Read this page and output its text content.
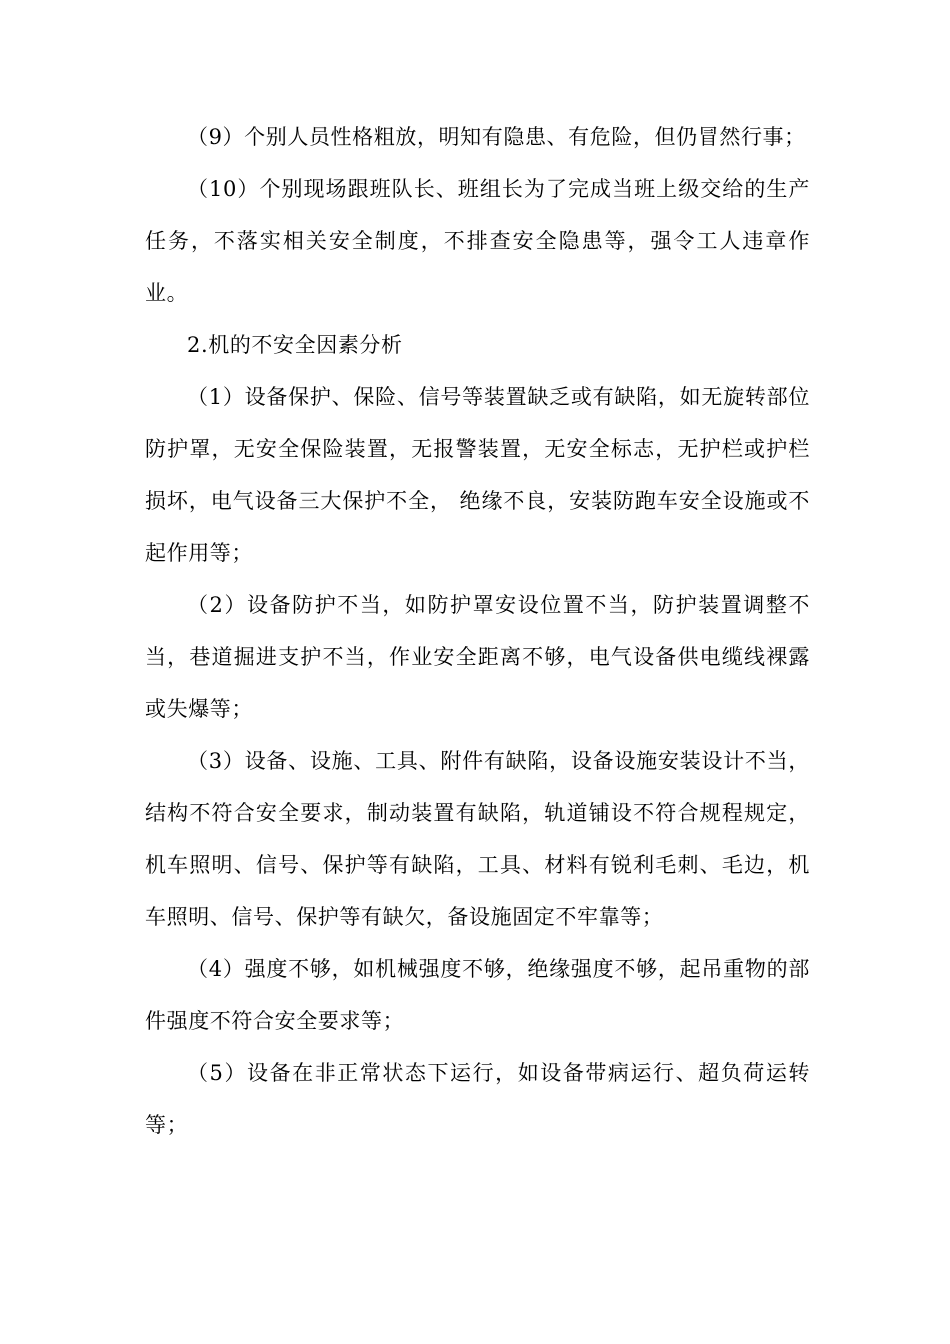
（9）个别人员性格粗放，明知有隐患、有危险，但仍冒然行事；

（10）个别现场跟班队长、班组长为了完成当班上级交给的生产任务，不落实相关安全制度，不排查安全隐患等，强令工人违章作业。

2.机的不安全因素分析

（1）设备保护、保险、信号等装置缺乏或有缺陷，如无旋转部位防护罩，无安全保险装置，无报警装置，无安全标志，无护栏或护栏损坏，电气设备三大保护不全， 绝缘不良，安装防跑车安全设施或不起作用等；

（2）设备防护不当，如防护罩安设位置不当，防护装置调整不当，巷道掘进支护不当，作业安全距离不够，电气设备供电缆线裸露或失爆等；

（3）设备、设施、工具、附件有缺陷，设备设施安装设计不当，结构不符合安全要求，制动装置有缺陷，轨道铺设不符合规程规定，机车照明、信号、保护等有缺陷，工具、材料有锐利毛刺、毛边，机车照明、信号、保护等有缺欠，备设施固定不牢靠等；

（4）强度不够，如机械强度不够，绝缘强度不够，起吊重物的部件强度不符合安全要求等；

（5）设备在非正常状态下运行，如设备带病运行、超负荷运转等；
